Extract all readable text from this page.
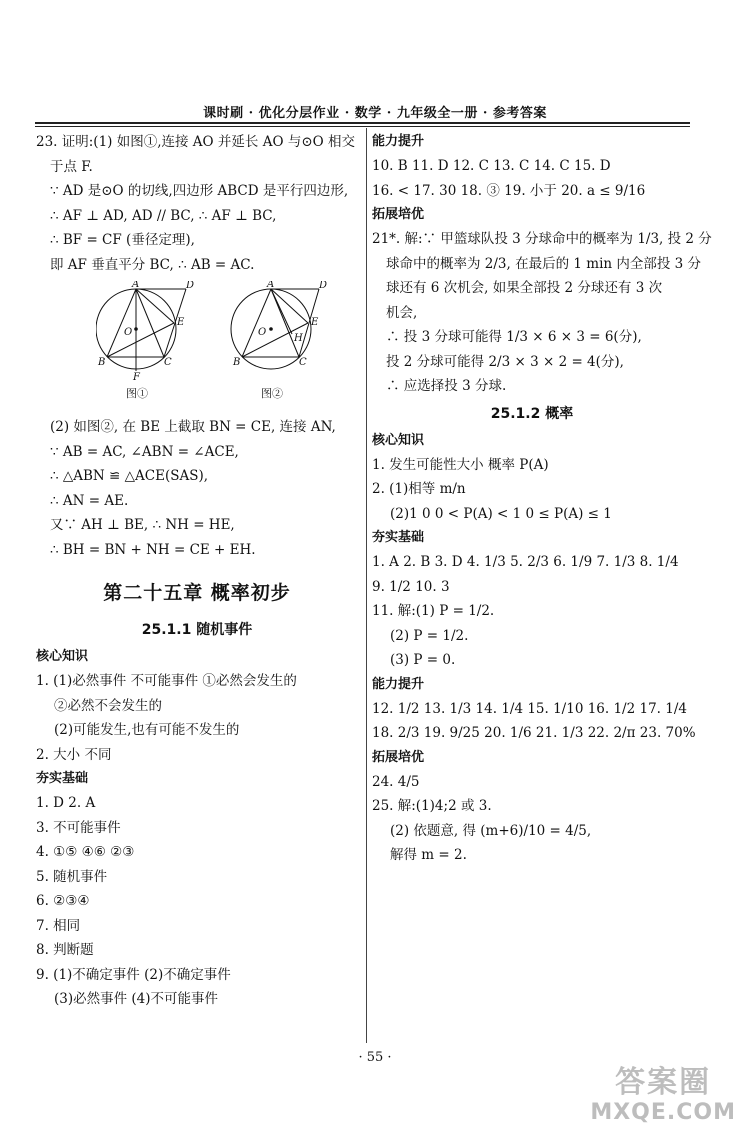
课时刷 · 优化分层作业 · 数学 · 九年级全一册 · 参考答案
23. 证明:(1) 如图①,连接 AO 并延长 AO 与⊙O 相交
于点 F.
∵ AD 是⊙O 的切线,四边形 ABCD 是平行四边形,
∴ AF ⊥ AD, AD // BC, ∴ AF ⊥ BC,
∴ BF = CF (垂径定理),
即 AF 垂直平分 BC, ∴ AB = AC.
A	D
E
B	C
F
O
A	D
E
B	C
O
H
图①	图②
(2) 如图②, 在 BE 上截取 BN = CE, 连接 AN,
∵ AB = AC, ∠ABN = ∠ACE,
∴ △ABN ≌ △ACE(SAS),
∴ AN = AE.
又∵ AH ⊥ BE, ∴ NH = HE,
∴ BH = BN + NH = CE + EH.
第二十五章 概率初步
25.1.1 随机事件
核心知识
1. (1)必然事件 不可能事件 ①必然会发生的
②必然不会发生的
(2)可能发生,也有可能不发生的
2. 大小 不同
夯实基础
1. D 2. A
3. 不可能事件
4. ①⑤ ④⑥ ②③
5. 随机事件
6. ②③④
7. 相同
8. 判断题
9. (1)不确定事件 (2)不确定事件
(3)必然事件 (4)不可能事件
能力提升
10. B 11. D 12. C 13. C 14. C 15. D
16. < 17. 30 18. ③ 19. 小于 20. a ≤ 9/16
拓展培优
21*. 解:∵ 甲篮球队投 3 分球命中的概率为 1/3, 投 2 分
球命中的概率为 2/3, 在最后的 1 min 内全部投 3 分
球还有 6 次机会, 如果全部投 2 分球还有 3 次
机会,
∴ 投 3 分球可能得 1/3 × 6 × 3 = 6(分),
投 2 分球可能得 2/3 × 3 × 2 = 4(分),
∴ 应选择投 3 分球.
25.1.2 概率
核心知识
1. 发生可能性大小 概率 P(A)
2. (1)相等 m/n
(2)1 0 0 < P(A) < 1 0 ≤ P(A) ≤ 1
夯实基础
1. A 2. B 3. D 4. 1/3 5. 2/3 6. 1/9 7. 1/3 8. 1/4
9. 1/2 10. 3
11. 解:(1) P = 1/2.
(2) P = 1/2.
(3) P = 0.
能力提升
12. 1/2 13. 1/3 14. 1/4 15. 1/10 16. 1/2 17. 1/4
18. 2/3 19. 9/25 20. 1/6 21. 1/3 22. 2/π 23. 70%
拓展培优
24. 4/5
25. 解:(1)4;2 或 3.
(2) 依题意, 得 (m+6)/10 = 4/5,
解得 m = 2.
· 55 ·
答案圈
MXQE.COM
